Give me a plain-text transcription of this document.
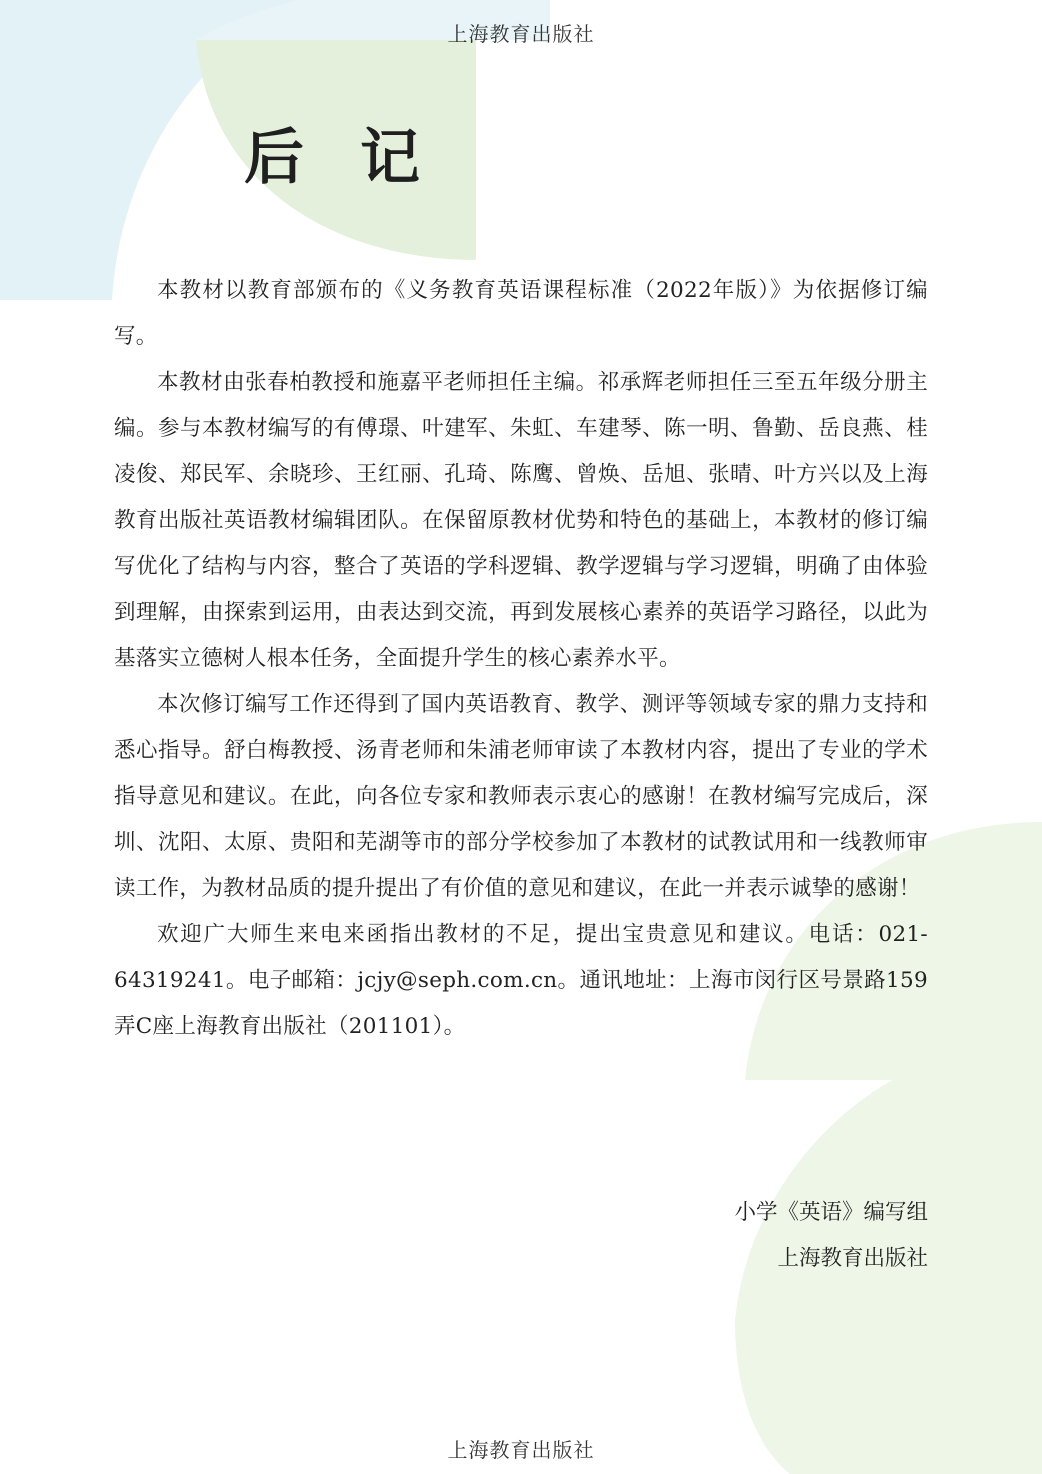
上海教育出版社
后记

本教材以教育部颁布的《义务教育英语课程标准（2022年版）》为依据修订编写。

本教材由张春柏教授和施嘉平老师担任主编。祁承辉老师担任三至五年级分册主编。参与本教材编写的有傅璟、叶建军、朱虹、车建琴、陈一明、鲁勤、岳良燕、桂凌俊、郑民军、余晓珍、王红丽、孔琦、陈鹰、曾焕、岳旭、张晴、叶方兴以及上海教育出版社英语教材编辑团队。在保留原教材优势和特色的基础上，本教材的修订编写优化了结构与内容，整合了英语的学科逻辑、教学逻辑与学习逻辑，明确了由体验到理解，由探索到运用，由表达到交流，再到发展核心素养的英语学习路径，以此为基落实立德树人根本任务，全面提升学生的核心素养水平。

本次修订编写工作还得到了国内英语教育、教学、测评等领域专家的鼎力支持和悉心指导。舒白梅教授、汤青老师和朱浦老师审读了本教材内容，提出了专业的学术指导意见和建议。在此，向各位专家和教师表示衷心的感谢！在教材编写完成后，深圳、沈阳、太原、贵阳和芜湖等市的部分学校参加了本教材的试教试用和一线教师审读工作，为教材品质的提升提出了有价值的意见和建议，在此一并表示诚挚的感谢！

欢迎广大师生来电来函指出教材的不足，提出宝贵意见和建议。电话：021-64319241。电子邮箱：jcjy@seph.com.cn。通讯地址：上海市闵行区号景路159弄C座上海教育出版社（201101）。

小学《英语》编写组
上海教育出版社
上海教育出版社
